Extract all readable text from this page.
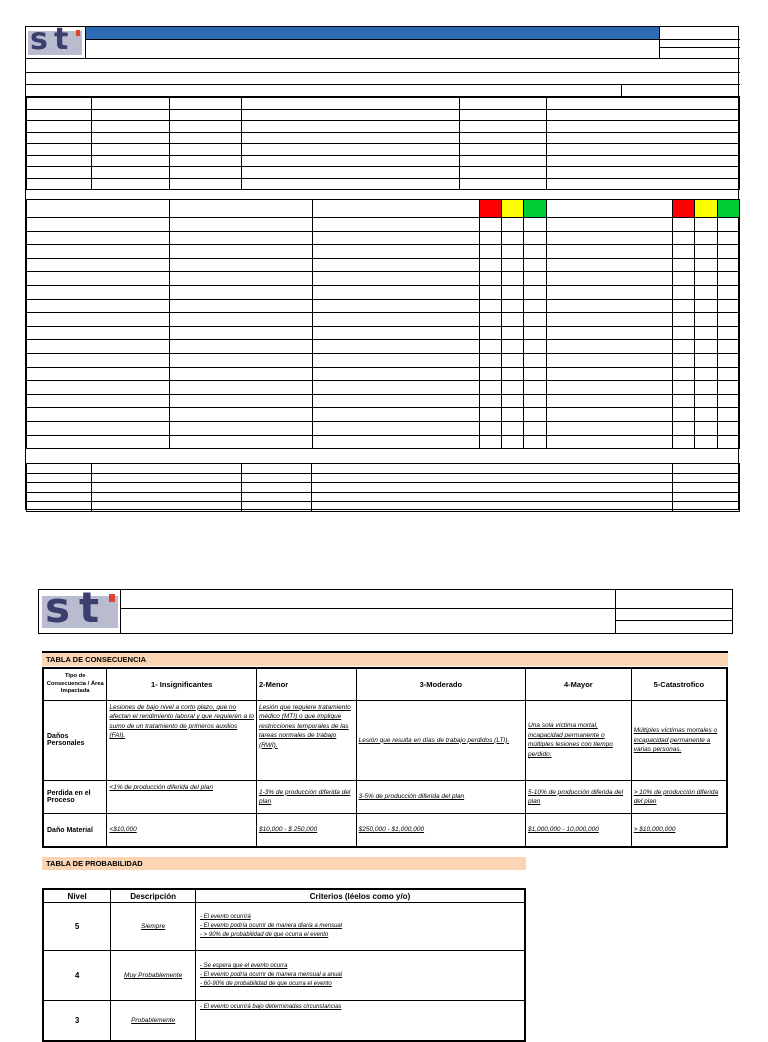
s t

s t
TABLA DE CONSECUENCIA
Tipo de Consecuencia / Área Impactada	1- Insignificantes	2-Menor	3-Moderado	4-Mayor	5-Catastrofico
Daños Personales	Lesiones de bajo nivel a corto plazo, que no afectan el rendimiento laboral y que requieren a lo sumo de un tratamiento de primeros auxilios (FAI).	Lesión que requiere tratamiento médico (MTI) o que implique restricciones temporales de las tareas normales de trabajo (RWI).	Lesión que resulta en días de trabajo perdidos (LTI).	Una sola víctima mortal, incapacidad permanente o múltiples lesiones con tiempo perdido.	Múltiples víctimas mortales o incapacidad permanente a varias personas.
Perdida en el Proceso	<1% de producción diferida del plan	1-3% de producción diferida del plan	3-5% de producción diferida del plan	5-10% de producción diferida del plan	> 10% de producción diferida del plan
Daño Material	<$10,000	$10,000 - $ 250,000	$250,000 - $1,000,000	$1,000,000 - 10,000,000	> $10,000,000
TABLA DE PROBABILIDAD
Nivel	Descripción	Criterios (léelos como y/o)
5	Siempre	- El evento ocurrirá
- El evento podría ocurrir de manera diaria a mensual
- > 90% de probabilidad de que ocurra el evento

4	Muy Probablemente	- Se espera que el evento ocurra
- El evento podría ocurrir de manera mensual a anual
- 60-90% de probabilidad de que ocurra el evento

3	Probablemente	- El evento ocurrirá bajo determinadas circunstancias
